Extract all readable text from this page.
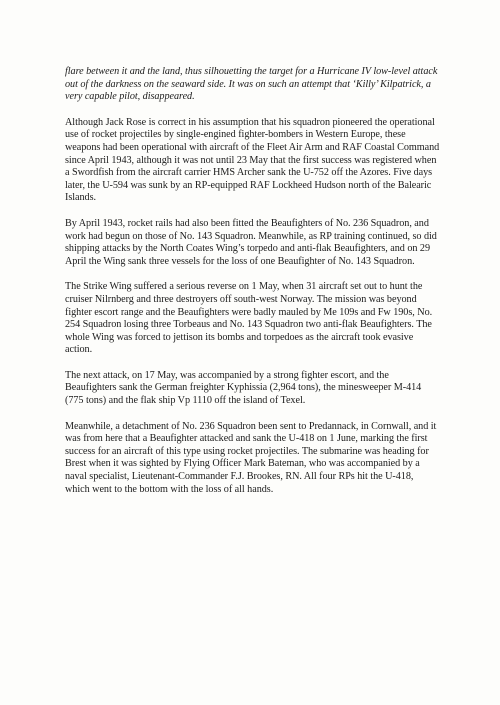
flare between it and the land, thus silhouetting the target for a Hurricane IV low-level attack out of the darkness on the seaward side. It was on such an attempt that ‘Killy’ Kilpatrick, a very capable pilot, disappeared.

Although Jack Rose is correct in his assumption that his squadron pioneered the operational use of rocket projectiles by single-engined fighter-bombers in Western Europe, these weapons had been operational with aircraft of the Fleet Air Arm and RAF Coastal Command since April 1943, although it was not until 23 May that the first success was registered when a Swordfish from the aircraft carrier HMS Archer sank the U-752 off the Azores. Five days later, the U-594 was sunk by an RP-equipped RAF Lockheed Hudson north of the Balearic Islands.

By April 1943, rocket rails had also been fitted the Beaufighters of No. 236 Squadron, and work had begun on those of No. 143 Squadron. Meanwhile, as RP training continued, so did shipping attacks by the North Coates Wing’s torpedo and anti-flak Beaufighters, and on 29 April the Wing sank three vessels for the loss of one Beaufighter of No. 143 Squadron.

The Strike Wing suffered a serious reverse on 1 May, when 31 aircraft set out to hunt the cruiser Nilrnberg and three destroyers off south-west Norway. The mission was beyond fighter escort range and the Beaufighters were badly mauled by Me 109s and Fw 190s, No. 254 Squadron losing three Torbeaus and No. 143 Squadron two anti-flak Beaufighters. The whole Wing was forced to jettison its bombs and torpedoes as the aircraft took evasive action.

The next attack, on 17 May, was accompanied by a strong fighter escort, and the Beaufighters sank the German freighter Kyphissia (2,964 tons), the minesweeper M-414 (775 tons) and the flak ship Vp 1110 off the island of Texel.

Meanwhile, a detachment of No. 236 Squadron been sent to Predannack, in Cornwall, and it was from here that a Beaufighter attacked and sank the U-418 on 1 June, marking the first success for an aircraft of this type using rocket projectiles. The submarine was heading for Brest when it was sighted by Flying Officer Mark Bateman, who was accompanied by a naval specialist, Lieutenant-Commander F.J. Brookes, RN. All four RPs hit the U-418, which went to the bottom with the loss of all hands.
